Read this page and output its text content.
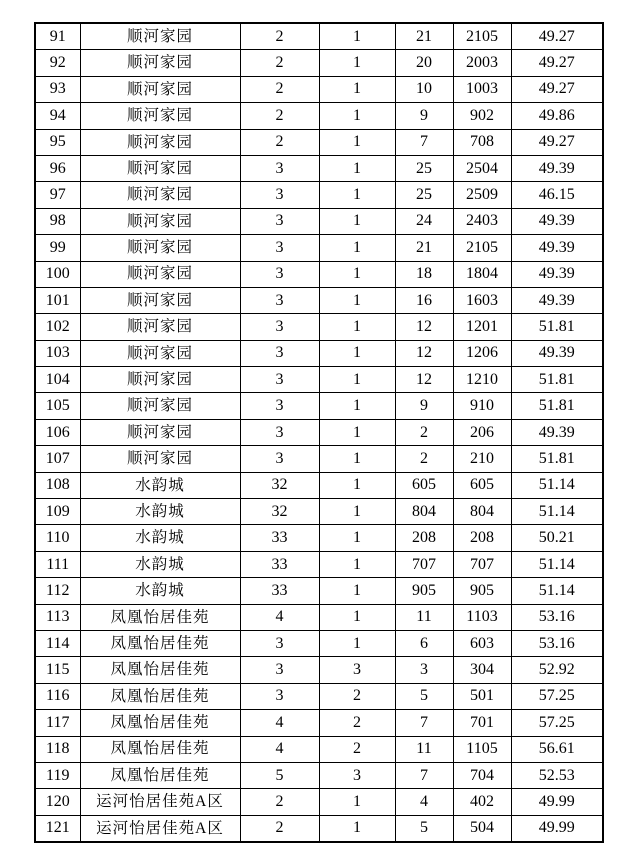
91	顺河家园	2	1	21	2105	49.27
92	顺河家园	2	1	20	2003	49.27
93	顺河家园	2	1	10	1003	49.27
94	顺河家园	2	1	9	902	49.86
95	顺河家园	2	1	7	708	49.27
96	顺河家园	3	1	25	2504	49.39
97	顺河家园	3	1	25	2509	46.15
98	顺河家园	3	1	24	2403	49.39
99	顺河家园	3	1	21	2105	49.39
100	顺河家园	3	1	18	1804	49.39
101	顺河家园	3	1	16	1603	49.39
102	顺河家园	3	1	12	1201	51.81
103	顺河家园	3	1	12	1206	49.39
104	顺河家园	3	1	12	1210	51.81
105	顺河家园	3	1	9	910	51.81
106	顺河家园	3	1	2	206	49.39
107	顺河家园	3	1	2	210	51.81
108	水韵城	32	1	605	605	51.14
109	水韵城	32	1	804	804	51.14
110	水韵城	33	1	208	208	50.21
111	水韵城	33	1	707	707	51.14
112	水韵城	33	1	905	905	51.14
113	凤凰怡居佳苑	4	1	11	1103	53.16
114	凤凰怡居佳苑	3	1	6	603	53.16
115	凤凰怡居佳苑	3	3	3	304	52.92
116	凤凰怡居佳苑	3	2	5	501	57.25
117	凤凰怡居佳苑	4	2	7	701	57.25
118	凤凰怡居佳苑	4	2	11	1105	56.61
119	凤凰怡居佳苑	5	3	7	704	52.53
120	运河怡居佳苑A区	2	1	4	402	49.99
121	运河怡居佳苑A区	2	1	5	504	49.99
